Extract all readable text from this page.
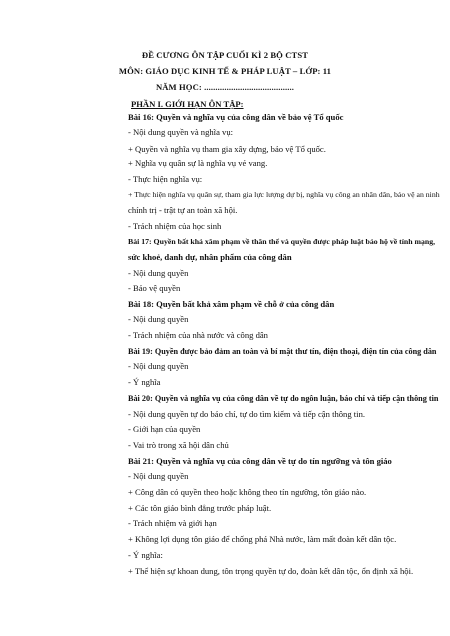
ĐỀ CƯƠNG ÔN TẬP CUỐI KÌ 2 BỘ CTST
MÔN: GIÁO DỤC KINH TẾ & PHÁP LUẬT – LỚP: 11
NĂM HỌC: ........................................
PHẦN I. GIỚI HẠN ÔN TẬP:
Bài 16: Quyền và nghĩa vụ của công dân về bảo vệ Tổ quốc
- Nội dung quyền và nghĩa vụ:
+ Quyền và nghĩa vụ tham gia xây dựng, bảo vệ Tổ quốc.
+ Nghĩa vụ quân sự là nghĩa vụ vẻ vang.
- Thực hiện nghĩa vụ:
+ Thực hiện nghĩa vụ quân sự, tham gia lực lượng dự bị, nghĩa vụ công an nhân dân, bảo vệ an ninh
chính trị - trật tự an toàn xã hội.
- Trách nhiệm của học sinh
Bài 17: Quyền bất khả xâm phạm về thân thể và quyền được pháp luật bảo hộ về tính mạng,
sức khoẻ, danh dự, nhân phẩm của công dân
- Nội dung quyền
- Bảo vệ quyền
Bài 18: Quyền bất khả xâm phạm về chỗ ở của công dân
- Nội dung quyền
- Trách nhiệm của nhà nước và công dân
Bài 19: Quyền được bảo đảm an toàn và bí mật thư tín, điện thoại, điện tín của công dân
- Nội dung quyền
- Ý nghĩa
Bài 20: Quyền và nghĩa vụ của công dân về tự do ngôn luận, báo chí và tiếp cận thông tin
- Nội dung quyền tự do báo chí, tự do tìm kiếm và tiếp cận thông tin.
- Giới hạn của quyền
- Vai trò trong xã hội dân chủ
Bài 21: Quyền và nghĩa vụ của công dân về tự do tín ngưỡng và tôn giáo
- Nội dung quyền
+ Công dân có quyền theo hoặc không theo tín ngưỡng, tôn giáo nào.
+ Các tôn giáo bình đẳng trước pháp luật.
- Trách nhiệm và giới hạn
+ Không lợi dụng tôn giáo để chống phá Nhà nước, làm mất đoàn kết dân tộc.
- Ý nghĩa:
+ Thể hiện sự khoan dung, tôn trọng quyền tự do, đoàn kết dân tộc, ổn định xã hội.
